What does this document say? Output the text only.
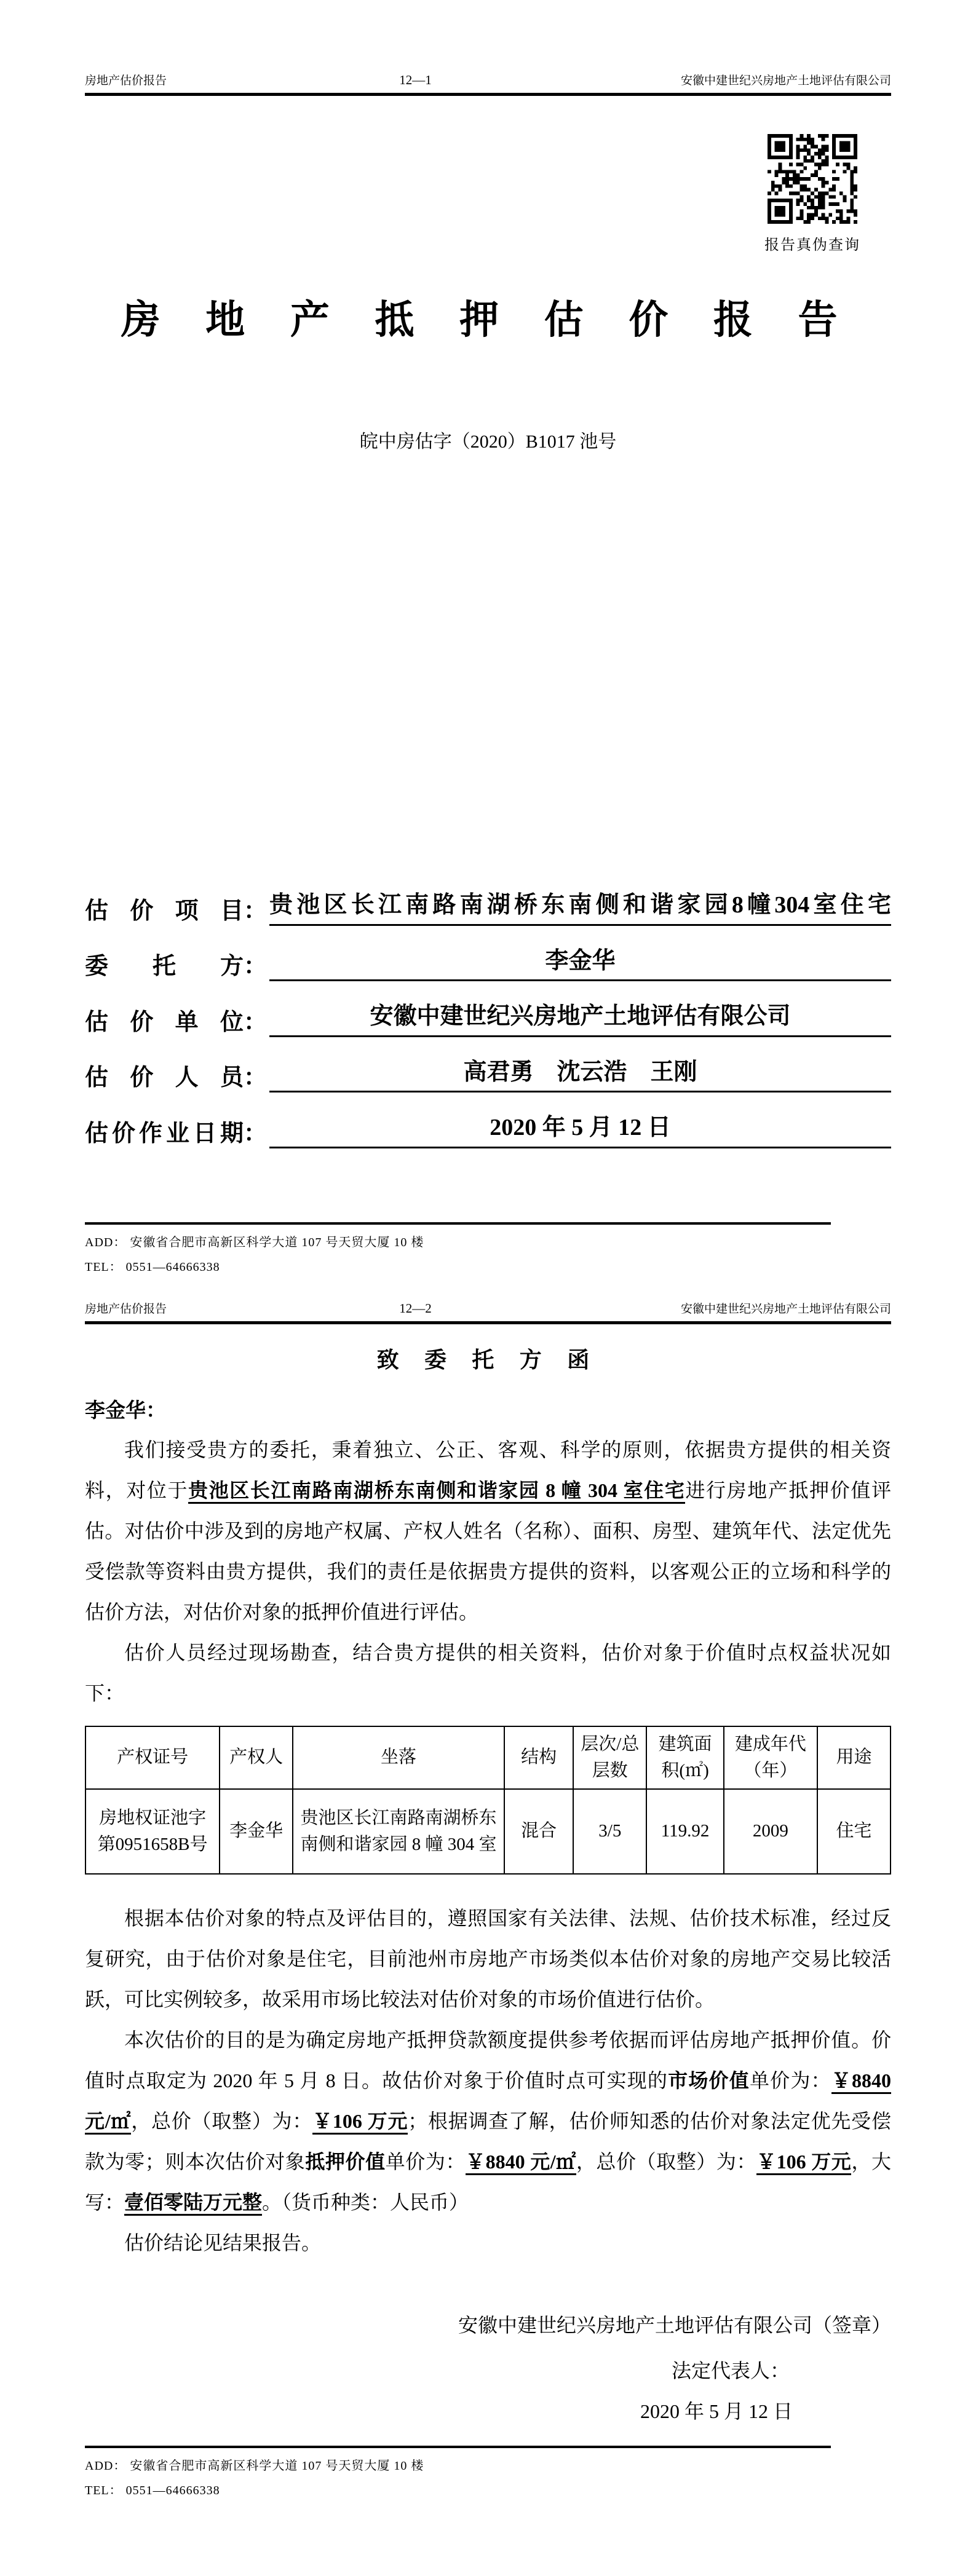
房地产估价报告	12—1	安徽中建世纪兴房地产土地评估有限公司
报告真伪查询
房 地 产 抵 押 估 价 报 告
皖中房估字（2020）B1017 池号
估价项目 ： 贵池区长江南路南湖桥东南侧和谐家园8幢304室住宅
委托方 ：	李金华
估价单位 ：	安徽中建世纪兴房地产土地评估有限公司
估价人员 ：	高君勇　沈云浩　王刚
估价作业日期 ：	2020 年 5 月 12 日
ADD： 安徽省合肥市高新区科学大道 107 号天贸大厦 10 楼
TEL： 0551—64666338
房地产估价报告	12—2	安徽中建世纪兴房地产土地评估有限公司
致 委 托 方 函
李金华：

我们接受贵方的委托，秉着独立、公正、客观、科学的原则，依据贵方提供的相关资料，对位于贵池区长江南路南湖桥东南侧和谐家园 8 幢 304 室住宅进行房地产抵押价值评估。对估价中涉及到的房地产权属、产权人姓名（名称）、面积、房型、建筑年代、法定优先受偿款等资料由贵方提供，我们的责任是依据贵方提供的资料，以客观公正的立场和科学的估价方法，对估价对象的抵押价值进行评估。

估价人员经过现场勘查，结合贵方提供的相关资料，估价对象于价值时点权益状况如下：

产权证号	产权人	坐落	结构	层次/总层数	建筑面积(㎡)	建成年代（年）	用途
房地权证池字第0951658B号	李金华	贵池区长江南路南湖桥东南侧和谐家园 8 幢 304 室	混合	3/5	119.92	2009	住宅

根据本估价对象的特点及评估目的，遵照国家有关法律、法规、估价技术标准，经过反复研究，由于估价对象是住宅，目前池州市房地产市场类似本估价对象的房地产交易比较活跃，可比实例较多，故采用市场比较法对估价对象的市场价值进行估价。

本次估价的目的是为确定房地产抵押贷款额度提供参考依据而评估房地产抵押价值。价值时点取定为 2020 年 5 月 8 日。故估价对象于价值时点可实现的市场价值单价为：￥8840 元/㎡，总价（取整）为：￥106 万元；根据调查了解，估价师知悉的估价对象法定优先受偿款为零；则本次估价对象抵押价值单价为：￥8840 元/㎡，总价（取整）为：￥106 万元，大写：壹佰零陆万元整。（货币种类：人民币）

估价结论见结果报告。

安徽中建世纪兴房地产土地评估有限公司（签章）
法定代表人：
2020 年 5 月 12 日
ADD： 安徽省合肥市高新区科学大道 107 号天贸大厦 10 楼
TEL： 0551—64666338
